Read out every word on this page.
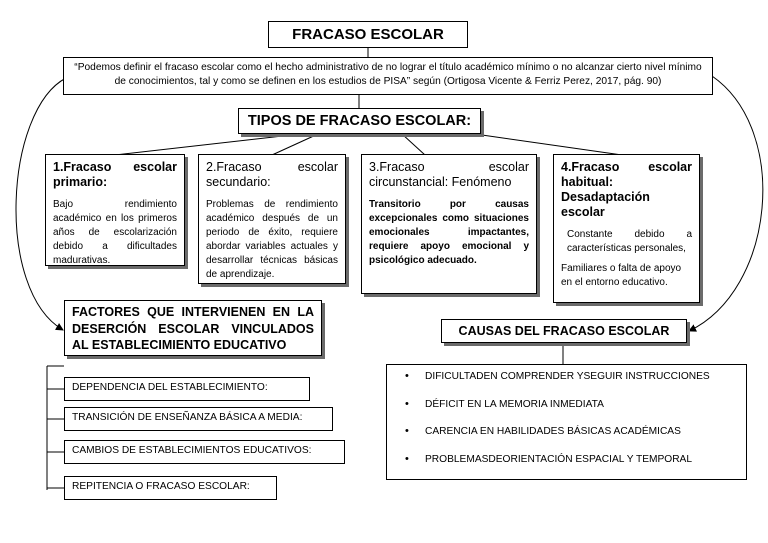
FRACASO ESCOLAR
“Podemos definir el fracaso escolar como el hecho administrativo de no lograr el título académico mínimo o no alcanzar cierto nivel mínimo de conocimientos, tal y como se definen en los estudios de PISA” según (Ortigosa Vicente & Ferriz Perez, 2017, pág. 90)
TIPOS DE FRACASO ESCOLAR:
1.Fracaso escolar primario:

Bajo rendimiento académico en los primeros años de escolarización debido a dificultades madurativas.

2.Fracaso escolar secundario:

Problemas de rendimiento académico después de un periodo de éxito, requiere abordar variables actuales y desarrollar técnicas básicas de aprendizaje.

3.Fracaso escolar circunstancial: Fenómeno

Transitorio por causas excepcionales como situaciones emocionales impactantes, requiere apoyo emocional y psicológico adecuado.

4.Fracaso escolar habitual: Desadaptación escolar

Constante debido a características personales,

Familiares o falta de apoyo en el entorno educativo.

FACTORES QUE INTERVIENEN EN LA DESERCIÓN ESCOLAR VINCULADOS AL ESTABLECIMIENTO EDUCATIVO
CAUSAS DEL FRACASO ESCOLAR
DEPENDENCIA DEL ESTABLECIMIENTO:
TRANSICIÓN DE ENSEÑANZA BÁSICA A MEDIA:
CAMBIOS DE ESTABLECIMIENTOS EDUCATIVOS:
REPITENCIA O FRACASO ESCOLAR:
• DIFICULTADEN COMPRENDER YSEGUIR INSTRUCCIONES
• DÉFICIT EN LA MEMORIA INMEDIATA
• CARENCIA EN HABILIDADES BÁSICAS ACADÉMICAS
• PROBLEMASDEORIENTACIÓN ESPACIAL Y TEMPORAL
